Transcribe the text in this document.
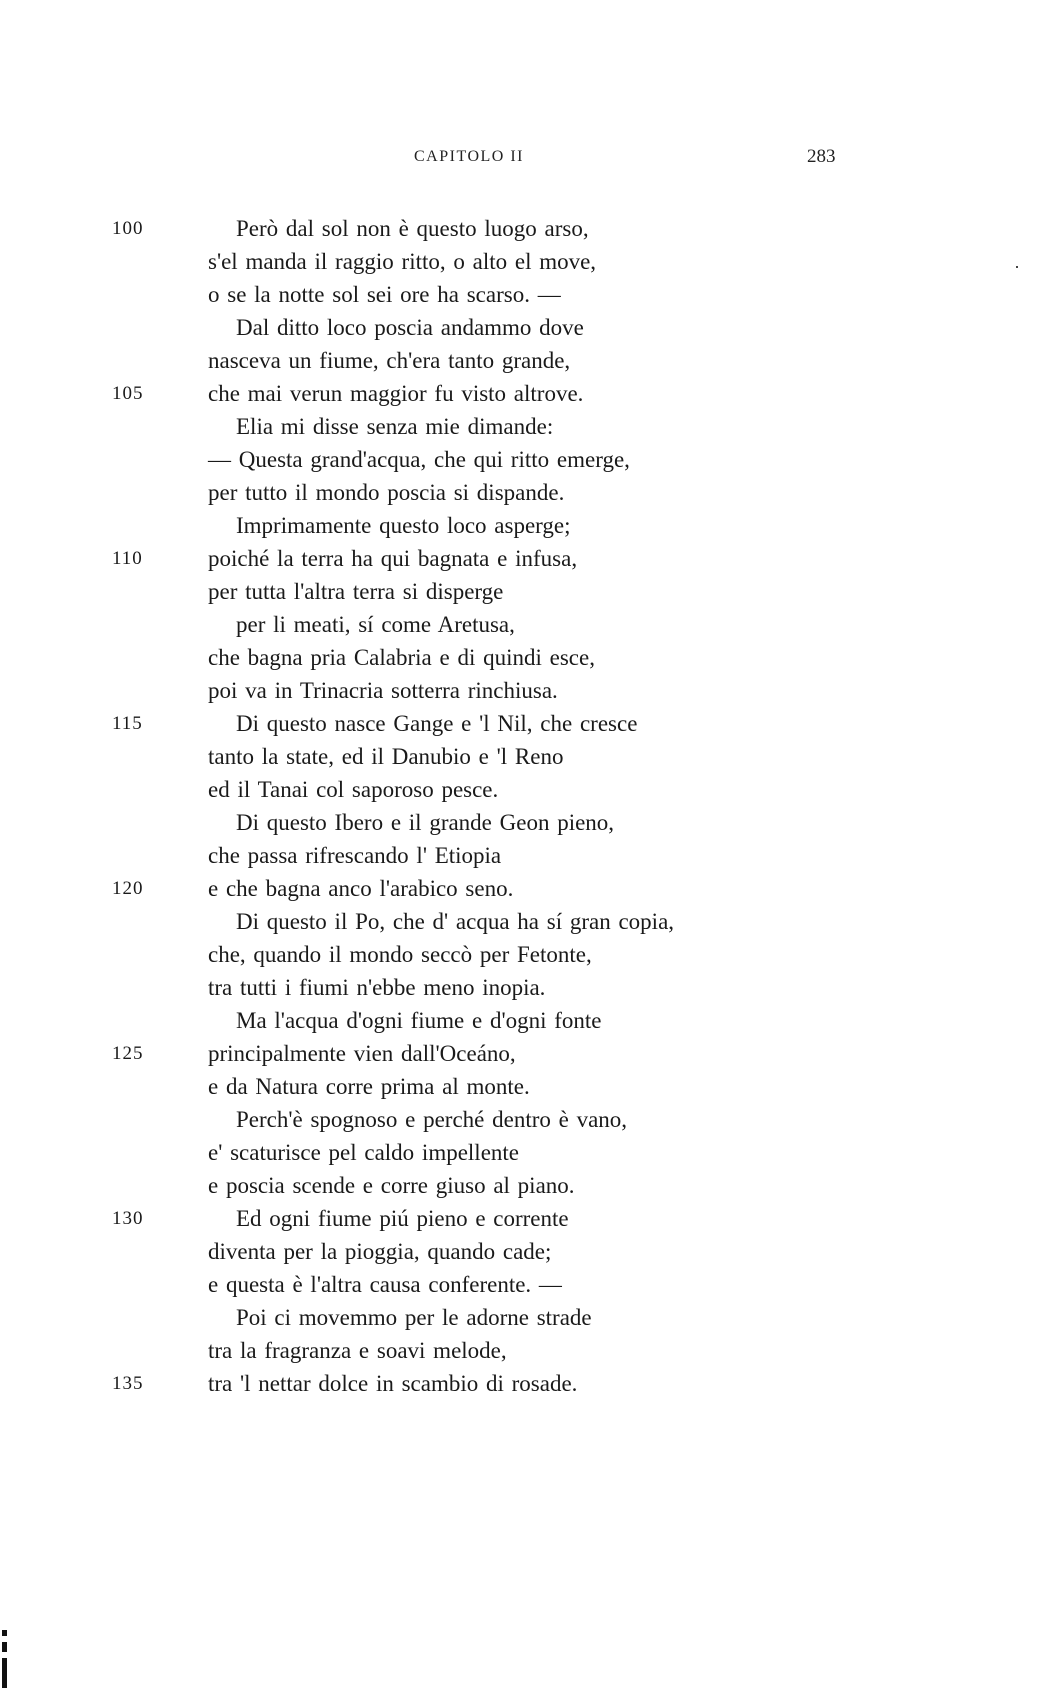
CAPITOLO II	283
100	Però dal sol non è questo luogo arso,
s'el manda il raggio ritto, o alto el move,
o se la notte sol sei ore ha scarso. —
Dal ditto loco poscia andammo dove
nasceva un fiume, ch'era tanto grande,
105	che mai verun maggior fu visto altrove.
Elia mi disse senza mie dimande:
— Questa grand'acqua, che qui ritto emerge,
per tutto il mondo poscia si dispande.
Imprimamente questo loco asperge;
110	poiché la terra ha qui bagnata e infusa,
per tutta l'altra terra si disperge
per li meati, sí come Aretusa,
che bagna pria Calabria e di quindi esce,
poi va in Trinacria sotterra rinchiusa.
115	Di questo nasce Gange e 'l Nil, che cresce
tanto la state, ed il Danubio e 'l Reno
ed il Tanai col saporoso pesce.
Di questo Ibero e il grande Geon pieno,
che passa rifrescando l' Etiopia
120	e che bagna anco l'arabico seno.
Di questo il Po, che d' acqua ha sí gran copia,
che, quando il mondo seccò per Fetonte,
tra tutti i fiumi n'ebbe meno inopia.
Ma l'acqua d'ogni fiume e d'ogni fonte
125	principalmente vien dall'Oceáno,
e da Natura corre prima al monte.
Perch'è spognoso e perché dentro è vano,
e' scaturisce pel caldo impellente
e poscia scende e corre giuso al piano.
130	Ed ogni fiume piú pieno e corrente
diventa per la pioggia, quando cade;
e questa è l'altra causa conferente. —
Poi ci movemmo per le adorne strade
tra la fragranza e soavi melode,
135	tra 'l nettar dolce in scambio di rosade.
